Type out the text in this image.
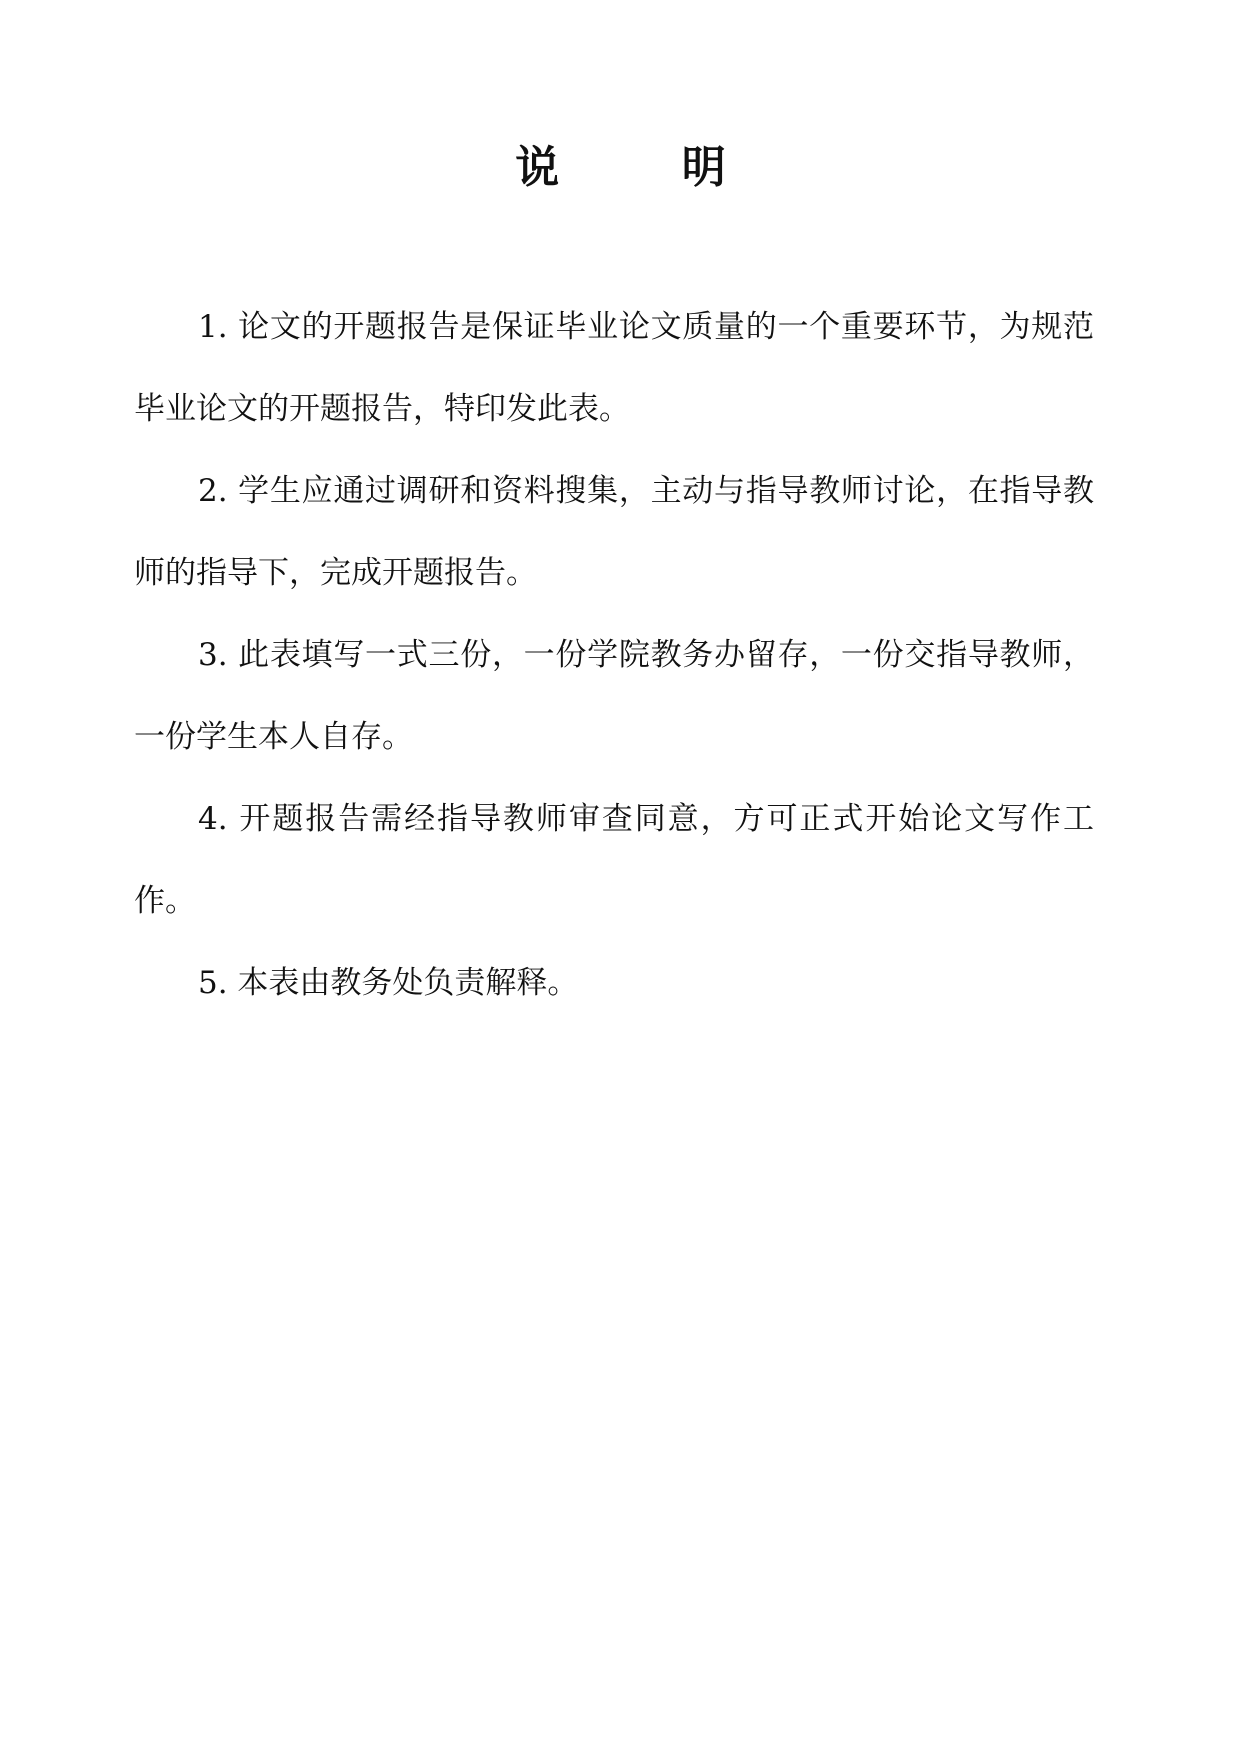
说        明

1. 论文的开题报告是保证毕业论文质量的一个重要环节，为规范毕业论文的开题报告，特印发此表。

2. 学生应通过调研和资料搜集，主动与指导教师讨论，在指导教师的指导下，完成开题报告。

3. 此表填写一式三份，一份学院教务办留存，一份交指导教师，一份学生本人自存。

4. 开题报告需经指导教师审查同意，方可正式开始论文写作工作。

5. 本表由教务处负责解释。
